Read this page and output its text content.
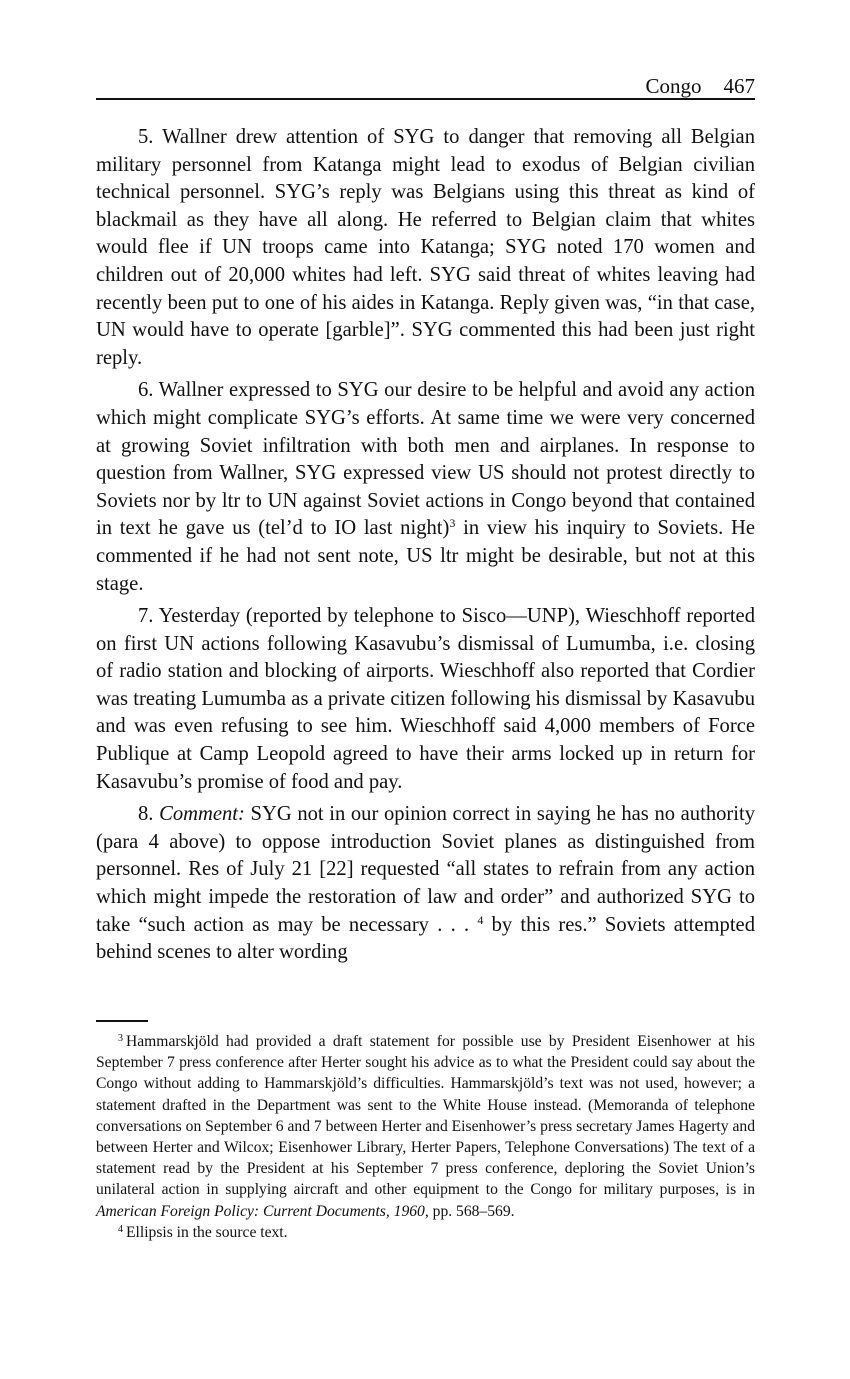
Congo 467

5. Wallner drew attention of SYG to danger that removing all Belgian military personnel from Katanga might lead to exodus of Belgian civilian technical personnel. SYG’s reply was Belgians using this threat as kind of blackmail as they have all along. He referred to Belgian claim that whites would flee if UN troops came into Katanga; SYG noted 170 women and children out of 20,000 whites had left. SYG said threat of whites leaving had recently been put to one of his aides in Katanga. Reply given was, “in that case, UN would have to operate [garble]”. SYG commented this had been just right reply.

6. Wallner expressed to SYG our desire to be helpful and avoid any action which might complicate SYG’s efforts. At same time we were very concerned at growing Soviet infiltration with both men and airplanes. In response to question from Wallner, SYG expressed view US should not protest directly to Soviets nor by ltr to UN against Soviet actions in Congo beyond that contained in text he gave us (tel’d to IO last night)$^3$ in view his inquiry to Soviets. He commented if he had not sent note, US ltr might be desirable, but not at this stage.

7. Yesterday (reported by telephone to Sisco—UNP), Wieschhoff reported on first UN actions following Kasavubu’s dismissal of Lumumba, i.e. closing of radio station and blocking of airports. Wieschhoff also reported that Cordier was treating Lumumba as a private citizen following his dismissal by Kasavubu and was even refusing to see him. Wieschhoff said 4,000 members of Force Publique at Camp Leopold agreed to have their arms locked up in return for Kasavubu’s promise of food and pay.

8. Comment: SYG not in our opinion correct in saying he has no authority (para 4 above) to oppose introduction Soviet planes as distinguished from personnel. Res of July 21 [22] requested “all states to refrain from any action which might impede the restoration of law and order” and authorized SYG to take “such action as may be necessary . . . $^4$ by this res.” Soviets attempted behind scenes to alter wording

$^3$ Hammarskjöld had provided a draft statement for possible use by President Eisenhower at his September 7 press conference after Herter sought his advice as to what the President could say about the Congo without adding to Hammarskjöld’s difficulties. Hammarskjöld’s text was not used, however; a statement drafted in the Department was sent to the White House instead. (Memoranda of telephone conversations on September 6 and 7 between Herter and Eisenhower’s press secretary James Hagerty and between Herter and Wilcox; Eisenhower Library, Herter Papers, Telephone Conversations) The text of a statement read by the President at his September 7 press conference, deploring the Soviet Union’s unilateral action in supplying aircraft and other equipment to the Congo for military purposes, is in American Foreign Policy: Current Documents, 1960, pp. 568–569.

$^4$ Ellipsis in the source text.
